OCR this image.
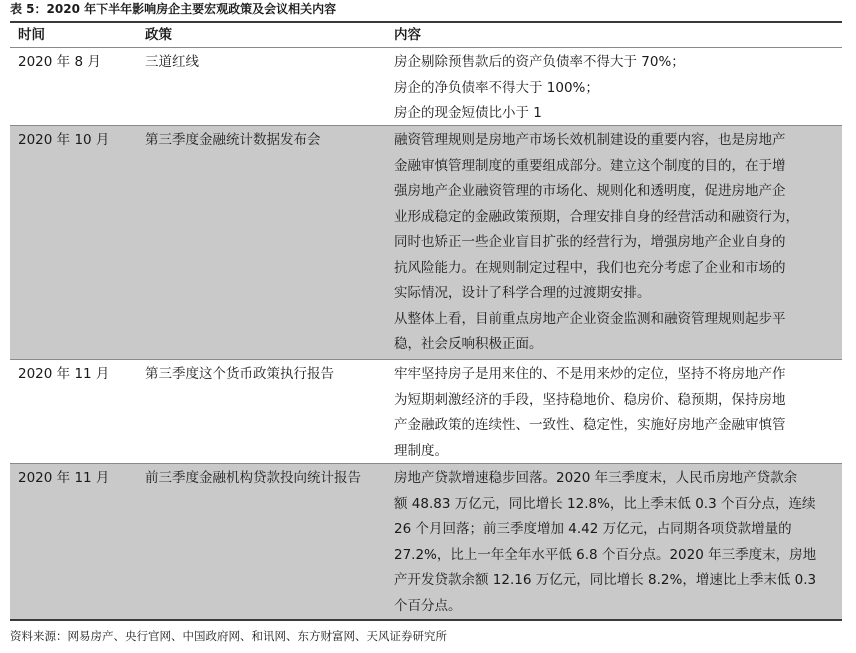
表 5：2020 年下半年影响房企主要宏观政策及会议相关内容
时间	政策	内容
2020 年 8 月	三道红线	房企剔除预售款后的资产负债率不得大于 70%；
房企的净负债率不得大于 100%；
房企的现金短债比小于 1
2020 年 10 月	第三季度金融统计数据发布会	融资管理规则是房地产市场长效机制建设的重要内容，也是房地产
金融审慎管理制度的重要组成部分。建立这个制度的目的，在于增
强房地产企业融资管理的市场化、规则化和透明度，促进房地产企
业形成稳定的金融政策预期，合理安排自身的经营活动和融资行为，
同时也矫正一些企业盲目扩张的经营行为，增强房地产企业自身的
抗风险能力。在规则制定过程中，我们也充分考虑了企业和市场的
实际情况，设计了科学合理的过渡期安排。
从整体上看，目前重点房地产企业资金监测和融资管理规则起步平
稳，社会反响积极正面。
2020 年 11 月	第三季度这个货币政策执行报告	牢牢坚持房子是用来住的、不是用来炒的定位，坚持不将房地产作
为短期刺激经济的手段，坚持稳地价、稳房价、稳预期，保持房地
产金融政策的连续性、一致性、稳定性，实施好房地产金融审慎管
理制度。
2020 年 11 月	前三季度金融机构贷款投向统计报告	房地产贷款增速稳步回落。2020 年三季度末，人民币房地产贷款余
额 48.83 万亿元，同比增长 12.8%，比上季末低 0.3 个百分点，连续
26 个月回落；前三季度增加 4.42 万亿元，占同期各项贷款增量的
27.2%，比上一年全年水平低 6.8 个百分点。2020 年三季度末，房地
产开发贷款余额 12.16 万亿元，同比增长 8.2%，增速比上季末低 0.3
个百分点。
资料来源：网易房产、央行官网、中国政府网、和讯网、东方财富网、天风证券研究所
